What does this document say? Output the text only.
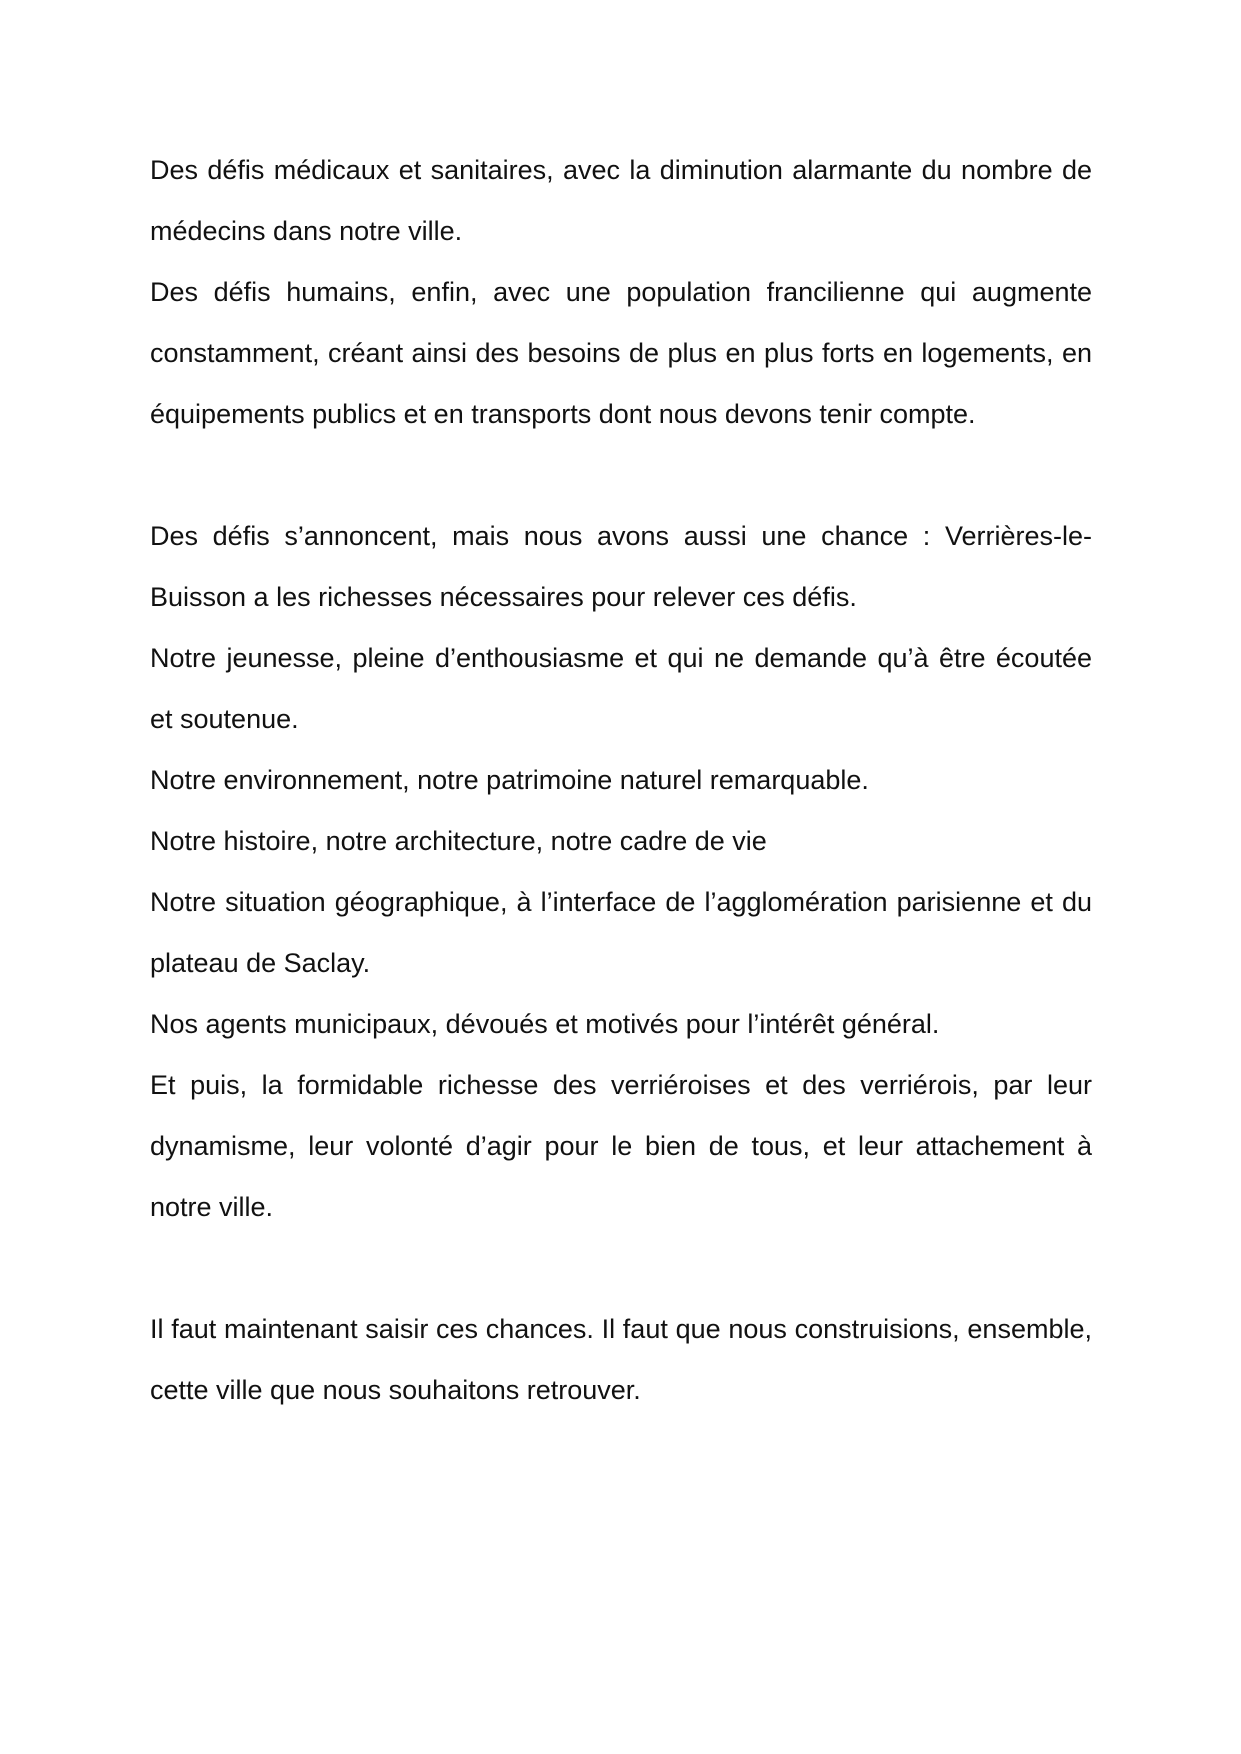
Des défis médicaux et sanitaires, avec la diminution alarmante du nombre de médecins dans notre ville.

Des défis humains, enfin, avec une population francilienne qui augmente constamment, créant ainsi des besoins de plus en plus forts en logements, en équipements publics et en transports dont nous devons tenir compte.

Des défis s’annoncent, mais nous avons aussi une chance : Verrières-le-Buisson a les richesses nécessaires pour relever ces défis.

Notre jeunesse, pleine d’enthousiasme et qui ne demande qu’à être écoutée et soutenue.

Notre environnement, notre patrimoine naturel remarquable.

Notre histoire, notre architecture, notre cadre de vie

Notre situation géographique, à l’interface de l’agglomération parisienne et du plateau de Saclay.

Nos agents municipaux, dévoués et motivés pour l’intérêt général.

Et puis, la formidable richesse des verriéroises et des verriérois, par leur dynamisme, leur volonté d’agir pour le bien de tous, et leur attachement à notre ville.

Il faut maintenant saisir ces chances. Il faut que nous construisions, ensemble, cette ville que nous souhaitons retrouver.
